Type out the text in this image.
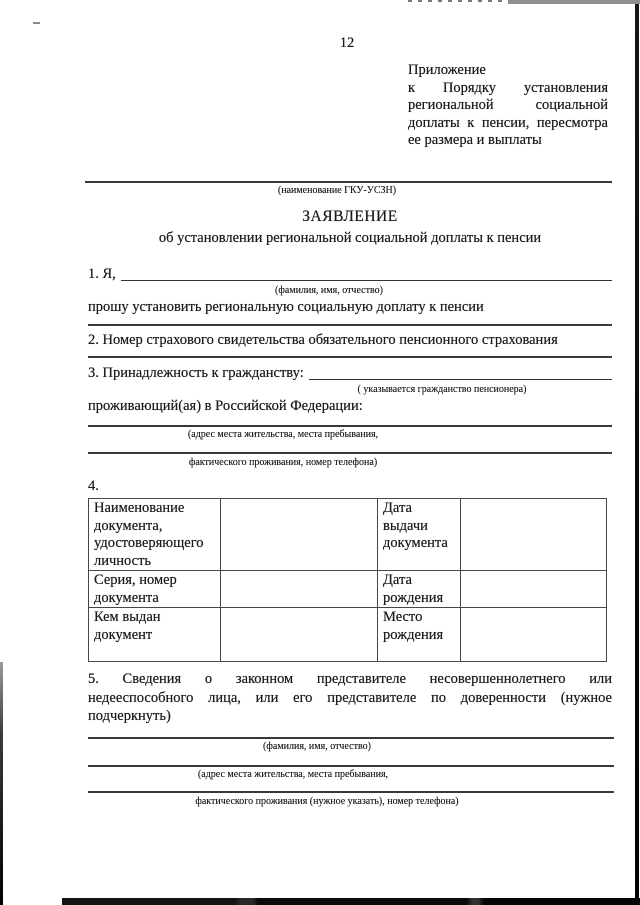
12
Приложение
к Порядку установления
региональной социальной
доплаты к пенсии, пересмотра
ее размера и выплаты
(наименование ГКУ-УСЗН)
ЗАЯВЛЕНИЕ
об установлении региональной социальной доплаты к пенсии
1. Я,
(фамилия, имя, отчество)
прошу установить региональную социальную доплату к пенсии
2. Номер страхового свидетельства обязательного пенсионного страхования
3. Принадлежность к гражданству:
( указывается гражданство пенсионера)
проживающий(ая) в Российской Федерации:
(адрес места жительства, места пребывания,
фактического проживания, номер телефона)
4.
Наименование документа, удостоверяющего личность		Дата выдачи документа	
Серия, номер документа		Дата рождения	
Кем выдан документ		Место рождения	
5. Сведения о законном представителе несовершеннолетнего или
недееспособного лица, или его представителе по доверенности (нужное
подчеркнуть)
(фамилия, имя, отчество)
(адрес места жительства, места пребывания,
фактического проживания (нужное указать), номер телефона)
